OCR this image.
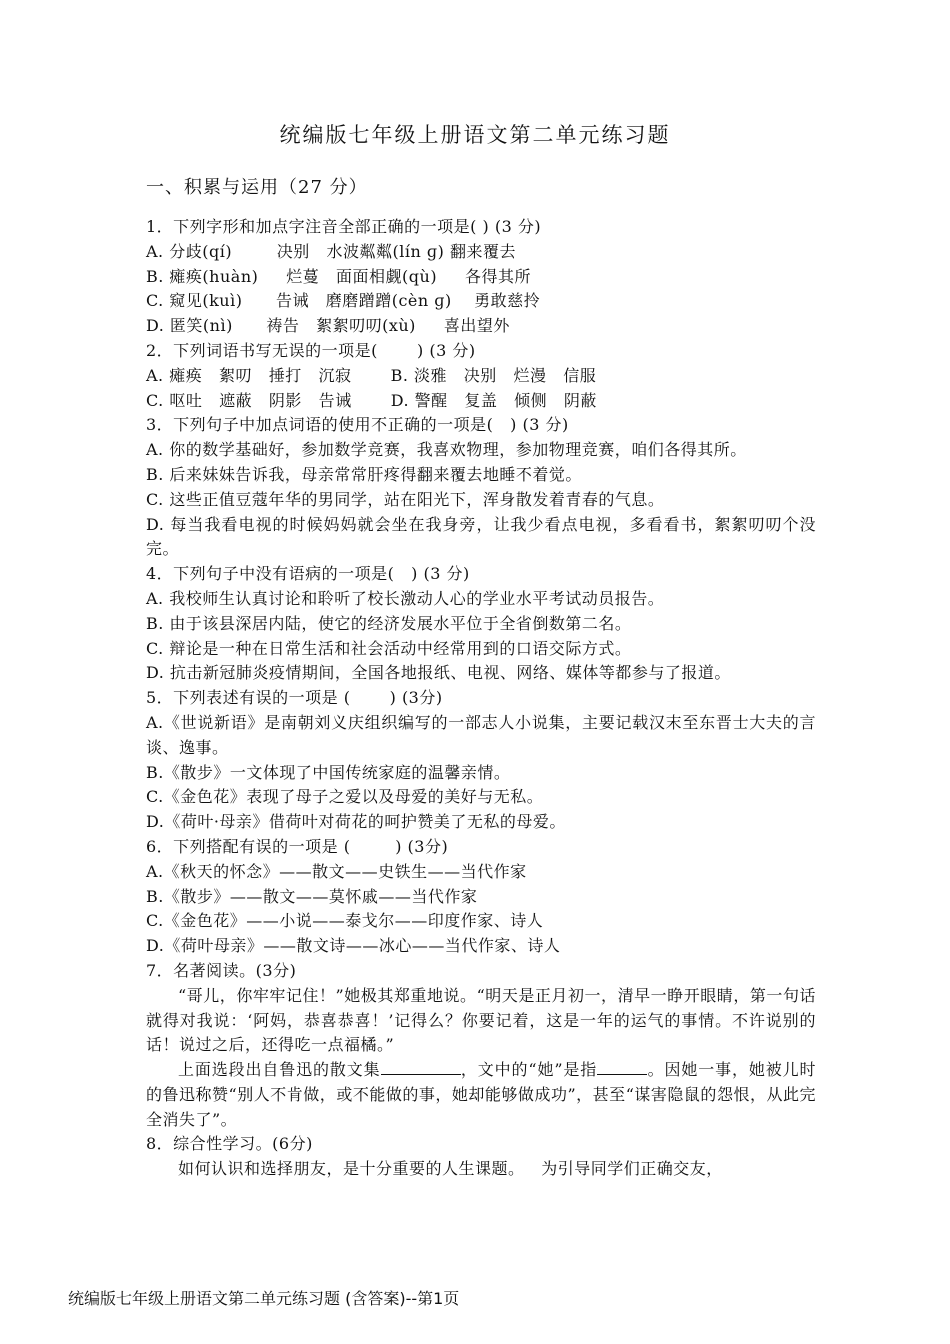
统编版七年级上册语文第二单元练习题
一、积累与运用（27 分）

1．下列字形和加点字注音全部正确的一项是( ) (3 分)

A. 分歧(qí)        决别   水波粼粼(lín ɡ) 翻来覆去

B. 瘫痪(huàn)     烂蔓   面面相觑(qù)     各得其所

C. 窥见(kuì)      告诫   磨磨蹭蹭(cèn ɡ)    勇敢慈拎

D. 匿笑(nì)      祷告   絮絮叨叨(xù)     喜出望外

2．下列词语书写无误的一项是(       ) (3 分)

A. 瘫痪   絮叨   捶打   沉寂       B. 淡雅   决别   烂漫   信服

C. 呕吐   遮蔽   阴影   告诫       D. 警醒   复盖   倾侧   阴蔽

3．下列句子中加点词语的使用不正确的一项是(   ) (3 分)

A. 你的数学基础好，参加数学竞赛，我喜欢物理，参加物理竞赛，咱们各得其所。

B. 后来妹妹告诉我，母亲常常肝疼得翻来覆去地睡不着觉。

C. 这些正值豆蔻年华的男同学，站在阳光下，浑身散发着青春的气息。

D. 每当我看电视的时候妈妈就会坐在我身旁，让我少看点电视，多看看书，絮絮叨叨个没完。

4．下列句子中没有语病的一项是(   ) (3 分)

A. 我校师生认真讨论和聆听了校长激动人心的学业水平考试动员报告。

B. 由于该县深居内陆，使它的经济发展水平位于全省倒数第二名。

C. 辩论是一种在日常生活和社会活动中经常用到的口语交际方式。

D. 抗击新冠肺炎疫情期间，全国各地报纸、电视、网络、媒体等都参与了报道。

5．下列表述有误的一项是 (       ) (3分)

A.《世说新语》是南朝刘义庆组织编写的一部志人小说集，主要记载汉末至东晋士大夫的言谈、逸事。

B.《散步》一文体现了中国传统家庭的温馨亲情。

C.《金色花》表现了母子之爱以及母爱的美好与无私。

D.《荷叶·母亲》借荷叶对荷花的呵护赞美了无私的母爱。

6．下列搭配有误的一项是 (        ) (3分)

A.《秋天的怀念》——散文——史铁生——当代作家

B.《散步》——散文——莫怀戚——当代作家

C.《金色花》——小说——泰戈尔——印度作家、诗人

D.《荷叶母亲》——散文诗——冰心——当代作家、诗人

7．名著阅读。(3分)

“哥儿，你牢牢记住！”她极其郑重地说。“明天是正月初一，清早一睁开眼睛，第一句话就得对我说：‘阿妈，恭喜恭喜！’记得么？你要记着，这是一年的运气的事情。不许说别的话！说过之后，还得吃一点福橘。”

上面选段出自鲁迅的散文集	，文中的“她”是指	。因她一事，她被儿时的鲁迅称赞“别人不肯做，或不能做的事，她却能够做成功”，甚至“谋害隐鼠的怨恨，从此完全消失了”。

8．综合性学习。(6分)

如何认识和选择朋友，是十分重要的人生课题。   为引导同学们正确交友，

统编版七年级上册语文第二单元练习题 (含答案)--第1页
